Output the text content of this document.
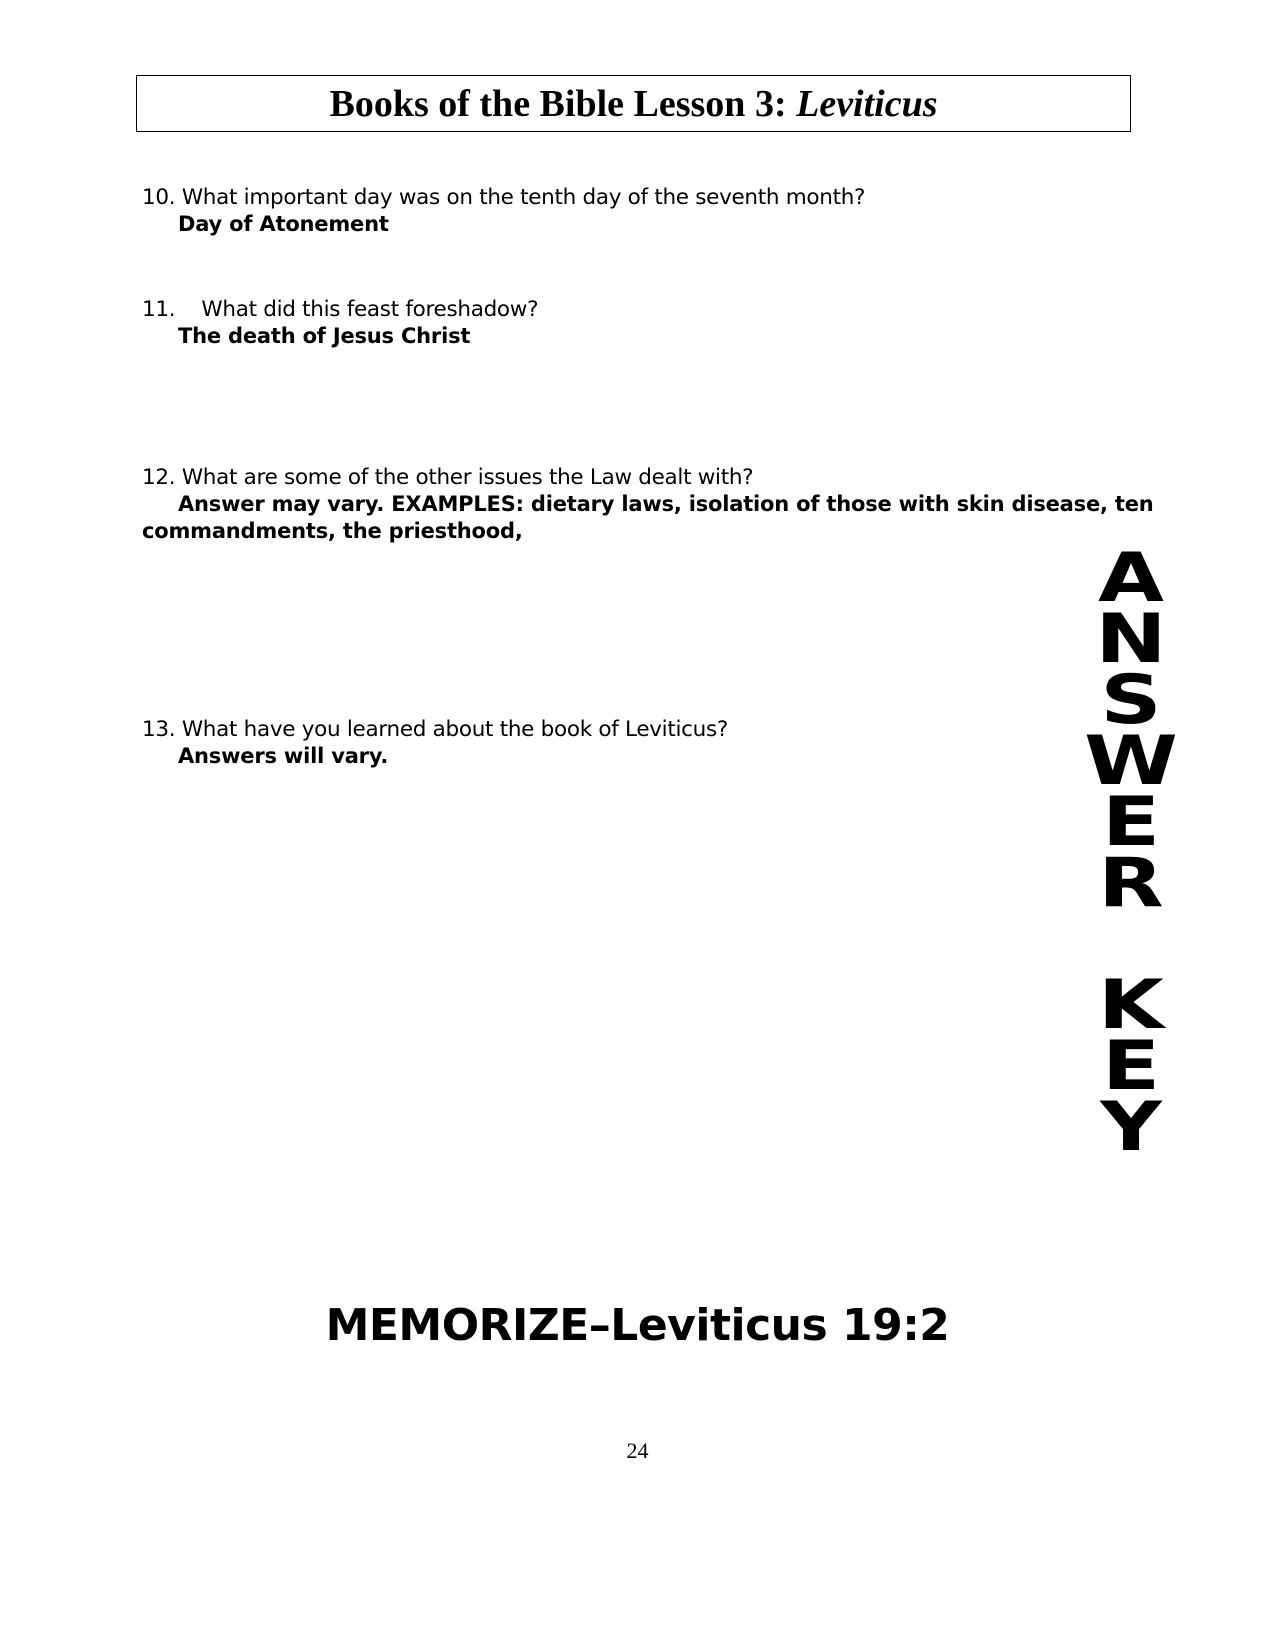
Books of the Bible Lesson 3: Leviticus
10. What important day was on the tenth day of the seventh month?
Day of Atonement
11.    What did this feast foreshadow?
The death of Jesus Christ
12. What are some of the other issues the Law dealt with?
Answer may vary. EXAMPLES: dietary laws, isolation of those with skin disease, ten
commandments, the priesthood,
13. What have you learned about the book of Leviticus?
Answers will vary.
A
N
S
W
E
R
K
E
Y
MEMORIZE–Leviticus 19:2
24
